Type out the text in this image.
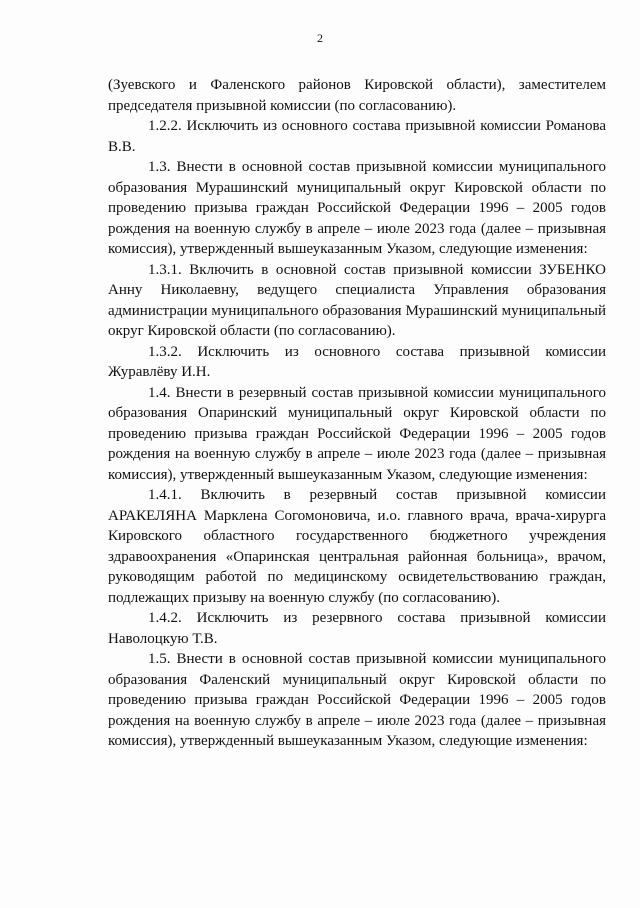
2

(Зуевского и Фаленского районов Кировской области), заместителем председателя призывной комиссии (по согласованию).

1.2.2. Исключить из основного состава призывной комиссии Романова В.В.

1.3. Внести в основной состав призывной комиссии муниципального образования Мурашинский муниципальный округ Кировской области по проведению призыва граждан Российской Федерации 1996 – 2005 годов рождения на военную службу в апреле – июле 2023 года (далее – призывная комиссия), утвержденный вышеуказанным Указом, следующие изменения:

1.3.1. Включить в основной состав призывной комиссии ЗУБЕНКО Анну Николаевну, ведущего специалиста Управления образования администрации муниципального образования Мурашинский муниципальный округ Кировской области (по согласованию).

1.3.2. Исключить из основного состава призывной комиссии Журавлёву И.Н.

1.4. Внести в резервный состав призывной комиссии муниципального образования Опаринский муниципальный округ Кировской области по проведению призыва граждан Российской Федерации 1996 – 2005 годов рождения на военную службу в апреле – июле 2023 года (далее – призывная комиссия), утвержденный вышеуказанным Указом, следующие изменения:

1.4.1. Включить в резервный состав призывной комиссии АРАКЕЛЯНА Марклена Согомоновича, и.о. главного врача, врача-хирурга Кировского областного государственного бюджетного учреждения здравоохранения «Опаринская центральная районная больница», врачом, руководящим работой по медицинскому освидетельствованию граждан, подлежащих призыву на военную службу (по согласованию).

1.4.2. Исключить из резервного состава призывной комиссии Наволоцкую Т.В.

1.5. Внести в основной состав призывной комиссии муниципального образования Фаленский муниципальный округ Кировской области по проведению призыва граждан Российской Федерации 1996 – 2005 годов рождения на военную службу в апреле – июле 2023 года (далее – призывная комиссия), утвержденный вышеуказанным Указом, следующие изменения:
